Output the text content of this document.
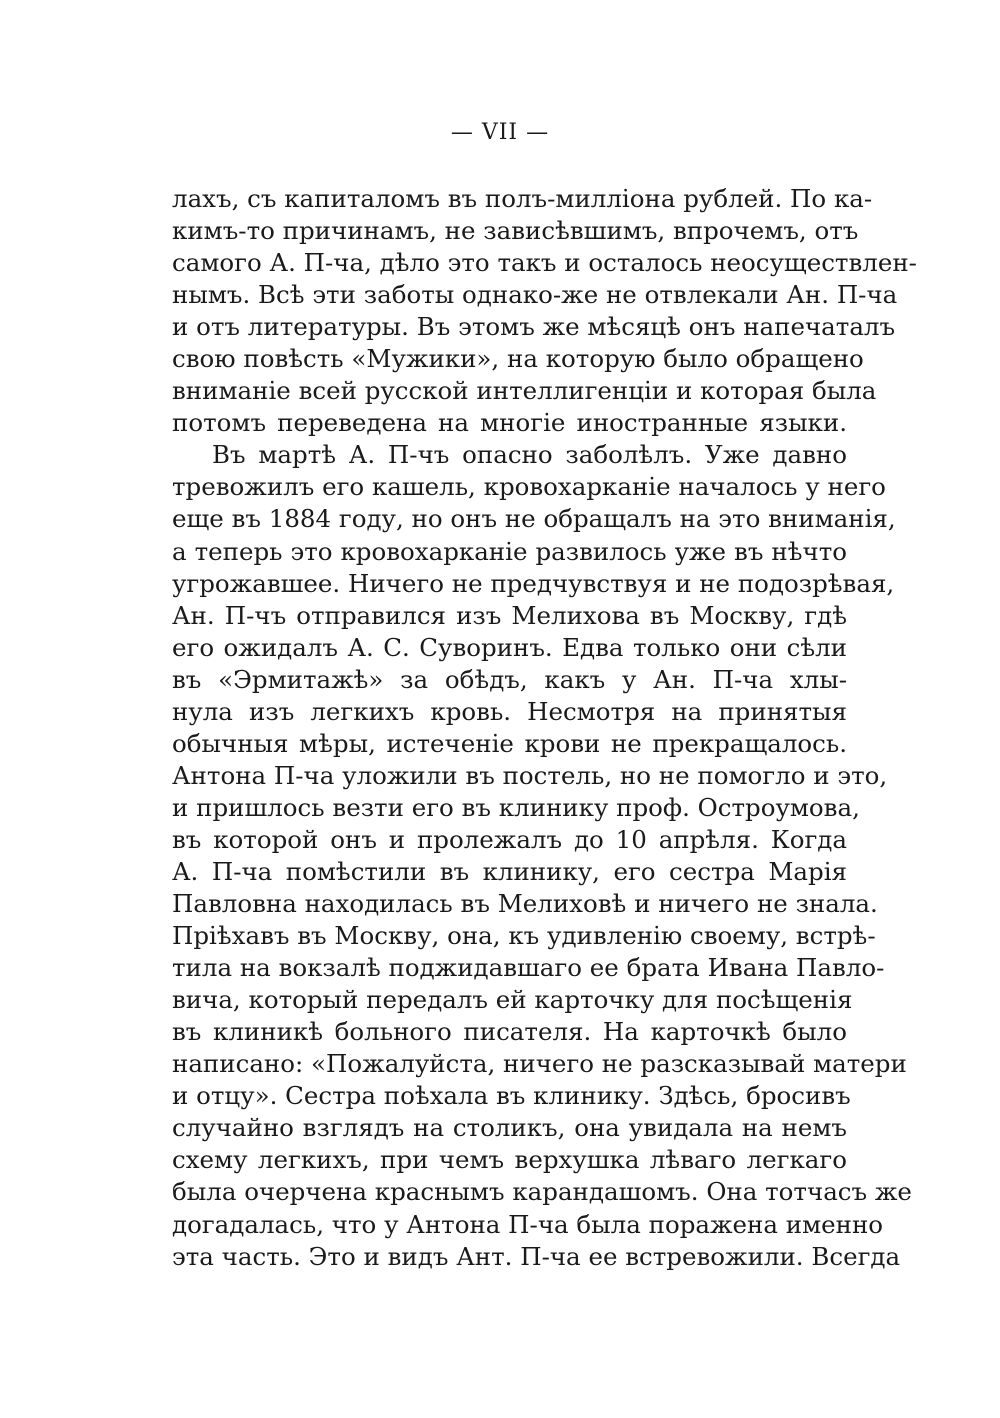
— VII —
лахъ, съ капиталомъ въ полъ-милліона рублей. По ка-
кимъ-то причинамъ, не зависѣвшимъ, впрочемъ, отъ
самого А. П-ча, дѣло это такъ и осталось неосуществлен-
нымъ. Всѣ эти заботы однако-же не отвлекали Ан. П-ча
и отъ литературы. Въ этомъ же мѣсяцѣ онъ напечаталъ
свою повѣсть «Мужики», на которую было обращено
вниманіе всей русской интеллигенціи и которая была
потомъ переведена на многіе иностранные языки.
Въ мартѣ А. П-чъ опасно заболѣлъ. Уже давно
тревожилъ его кашель, кровохарканіе началось у него
еще въ 1884 году, но онъ не обращалъ на это вниманія,
а теперь это кровохарканіе развилось уже въ нѣчто
угрожавшее. Ничего не предчувствуя и не подозрѣвая,
Ан. П-чъ отправился изъ Мелихова въ Москву, гдѣ
его ожидалъ А. С. Суворинъ. Едва только они сѣли
въ «Эрмитажѣ» за обѣдъ, какъ у Ан. П-ча хлы-
нула изъ легкихъ кровь. Несмотря на принятыя
обычныя мѣры, истеченіе крови не прекращалось.
Антона П-ча уложили въ постель, но не помогло и это,
и пришлось везти его въ клинику проф. Остроумова,
въ которой онъ и пролежалъ до 10 апрѣля. Когда
А. П-ча помѣстили въ клинику, его сестра Марія
Павловна находилась въ Мелиховѣ и ничего не знала.
Пріѣхавъ въ Москву, она, къ удивленію своему, встрѣ-
тила на вокзалѣ поджидавшаго ее брата Ивана Павло-
вича, который передалъ ей карточку для посѣщенія
въ клиникѣ больного писателя. На карточкѣ было
написано: «Пожалуйста, ничего не разсказывай матери
и отцу». Сестра поѣхала въ клинику. Здѣсь, бросивъ
случайно взглядъ на столикъ, она увидала на немъ
схему легкихъ, при чемъ верхушка лѣваго легкаго
была очерчена краснымъ карандашомъ. Она тотчасъ же
догадалась, что у Антона П-ча была поражена именно
эта часть. Это и видъ Ант. П-ча ее встревожили. Всегда
